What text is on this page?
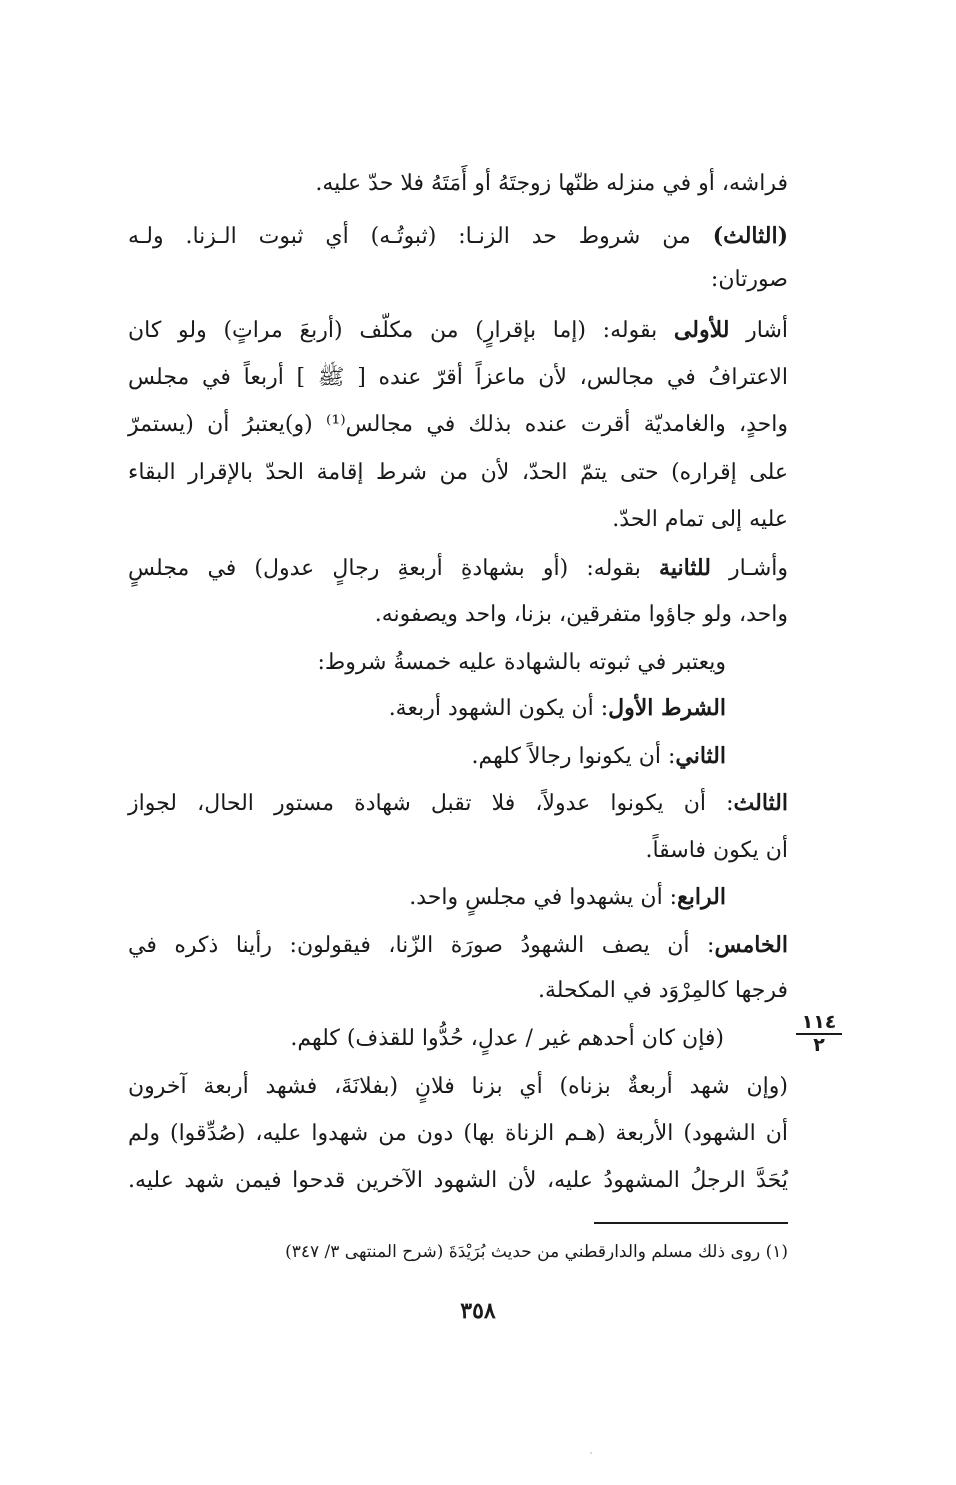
فراشه، أو في منزله ظنّها زوجتَهُ أو أَمَتَهُ فلا حدّ عليه.
(الثالث) من شروط حد الزنـا: (ثبوتُـه) أي ثبوت الـزنا. ولـه
صورتان:
أشار للأولى بقوله: (إما بإقرارٍ) من مكلّف (أربعَ مراتٍ) ولو كان
الاعترافُ في مجالس، لأن ماعزاً أقرّ عنده [ ﷺ ] أربعاً في مجلس
واحدٍ، والغامديّة أقرت عنده بذلك في مجالس⁽¹⁾ (و)يعتبرُ أن (يستمرّ
على إقراره) حتى يتمّ الحدّ، لأن من شرط إقامة الحدّ بالإقرار البقاء
عليه إلى تمام الحدّ.
وأشـار للثانية بقوله: (أو بشهادةِ أربعةِ رجالٍ عدول) في مجلسٍ
واحد، ولو جاؤوا متفرقين، بزنا، واحد ويصفونه.
ويعتبر في ثبوته بالشهادة عليه خمسةُ شروط:
الشرط الأول: أن يكون الشهود أربعة.
الثاني: أن يكونوا رجالاً كلهم.
الثالث: أن يكونوا عدولاً، فلا تقبل شهادة مستور الحال، لجواز
أن يكون فاسقاً.
الرابع: أن يشهدوا في مجلسٍ واحد.
الخامس: أن يصف الشهودُ صورَة الزّنا، فيقولون: رأينا ذكره في
فرجها كالمِرْوَد في المكحلة.
(فإن كان أحدهم غير / عدلٍ، حُدُّوا للقذف) كلهم.
(وإن شهد أربعةٌ بزناه) أي بزنا فلانٍ (بفلانَةَ، فشهد أربعة آخرون
أن الشهود) الأربعة (هـم الزناة بها) دون من شهدوا عليه، (صُدِّقوا) ولم
يُحَدَّ الرجلُ المشهودُ عليه، لأن الشهود الآخرين قدحوا فيمن شهد عليه.
١١٤
٢
(١) روى ذلك مسلم والدارقطني من حديث بُرَيْدَةَ (شرح المنتهى ٣/ ٣٤٧)
٣٥٨
